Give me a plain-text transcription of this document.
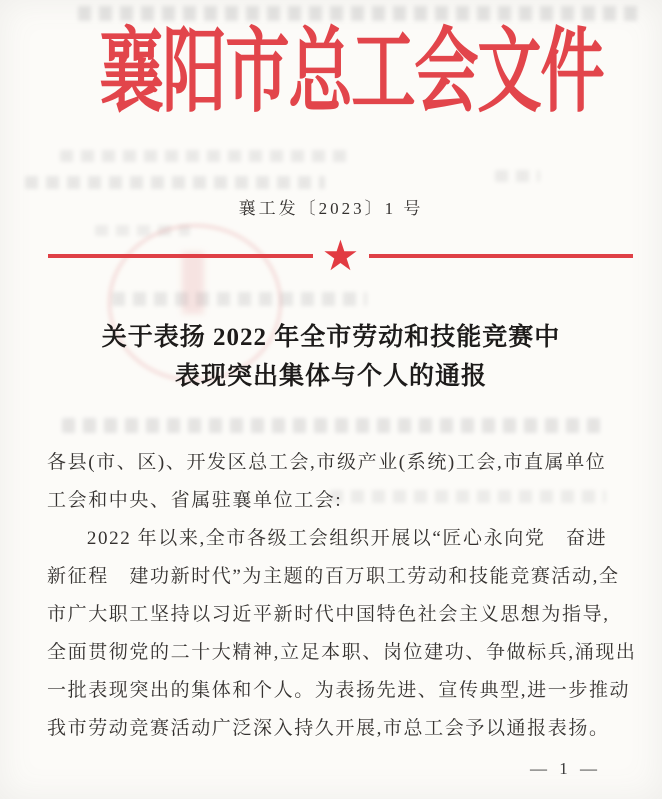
襄阳市总工会文件
襄工发〔2023〕1 号
★
关于表扬 2022 年全市劳动和技能竞赛中
表现突出集体与个人的通报
各县(市、区)、开发区总工会,市级产业(系统)工会,市直属单位
工会和中央、省属驻襄单位工会:
2022 年以来,全市各级工会组织开展以“匠心永向党　奋进
新征程　建功新时代”为主题的百万职工劳动和技能竞赛活动,全
市广大职工坚持以习近平新时代中国特色社会主义思想为指导,
全面贯彻党的二十大精神,立足本职、岗位建功、争做标兵,涌现出
一批表现突出的集体和个人。为表扬先进、宣传典型,进一步推动
我市劳动竞赛活动广泛深入持久开展,市总工会予以通报表扬。
— 1 —
